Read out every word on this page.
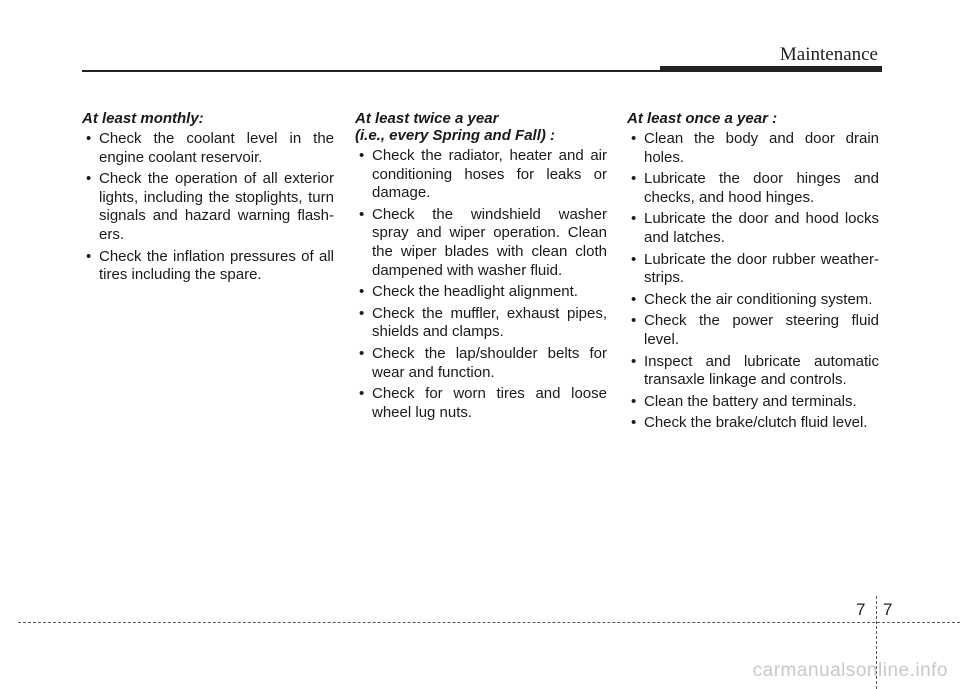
Maintenance
At least monthly:
• Check the coolant level in the engine coolant reservoir.
• Check the operation of all exterior lights, including the stoplights, turn signals and hazard warning flash-ers.
• Check the inflation pressures of all tires including the spare.
At least twice a year
(i.e., every Spring and Fall) :
• Check the radiator, heater and air conditioning hoses for leaks or damage.
• Check the windshield washer spray and wiper operation. Clean the wiper blades with clean cloth dampened with washer fluid.
• Check the headlight alignment.
• Check the muffler, exhaust pipes, shields and clamps.
• Check the lap/shoulder belts for wear and function.
• Check for worn tires and loose wheel lug nuts.
At least once a year :
• Clean the body and door drain holes.
• Lubricate the door hinges and checks, and hood hinges.
• Lubricate the door and hood locks and latches.
• Lubricate the door rubber weather-strips.
• Check the air conditioning system.
• Check the power steering fluid level.
• Inspect and lubricate automatic transaxle linkage and controls.
• Clean the battery and terminals.
• Check the brake/clutch fluid level.
7 7
carmanualsonline.info
